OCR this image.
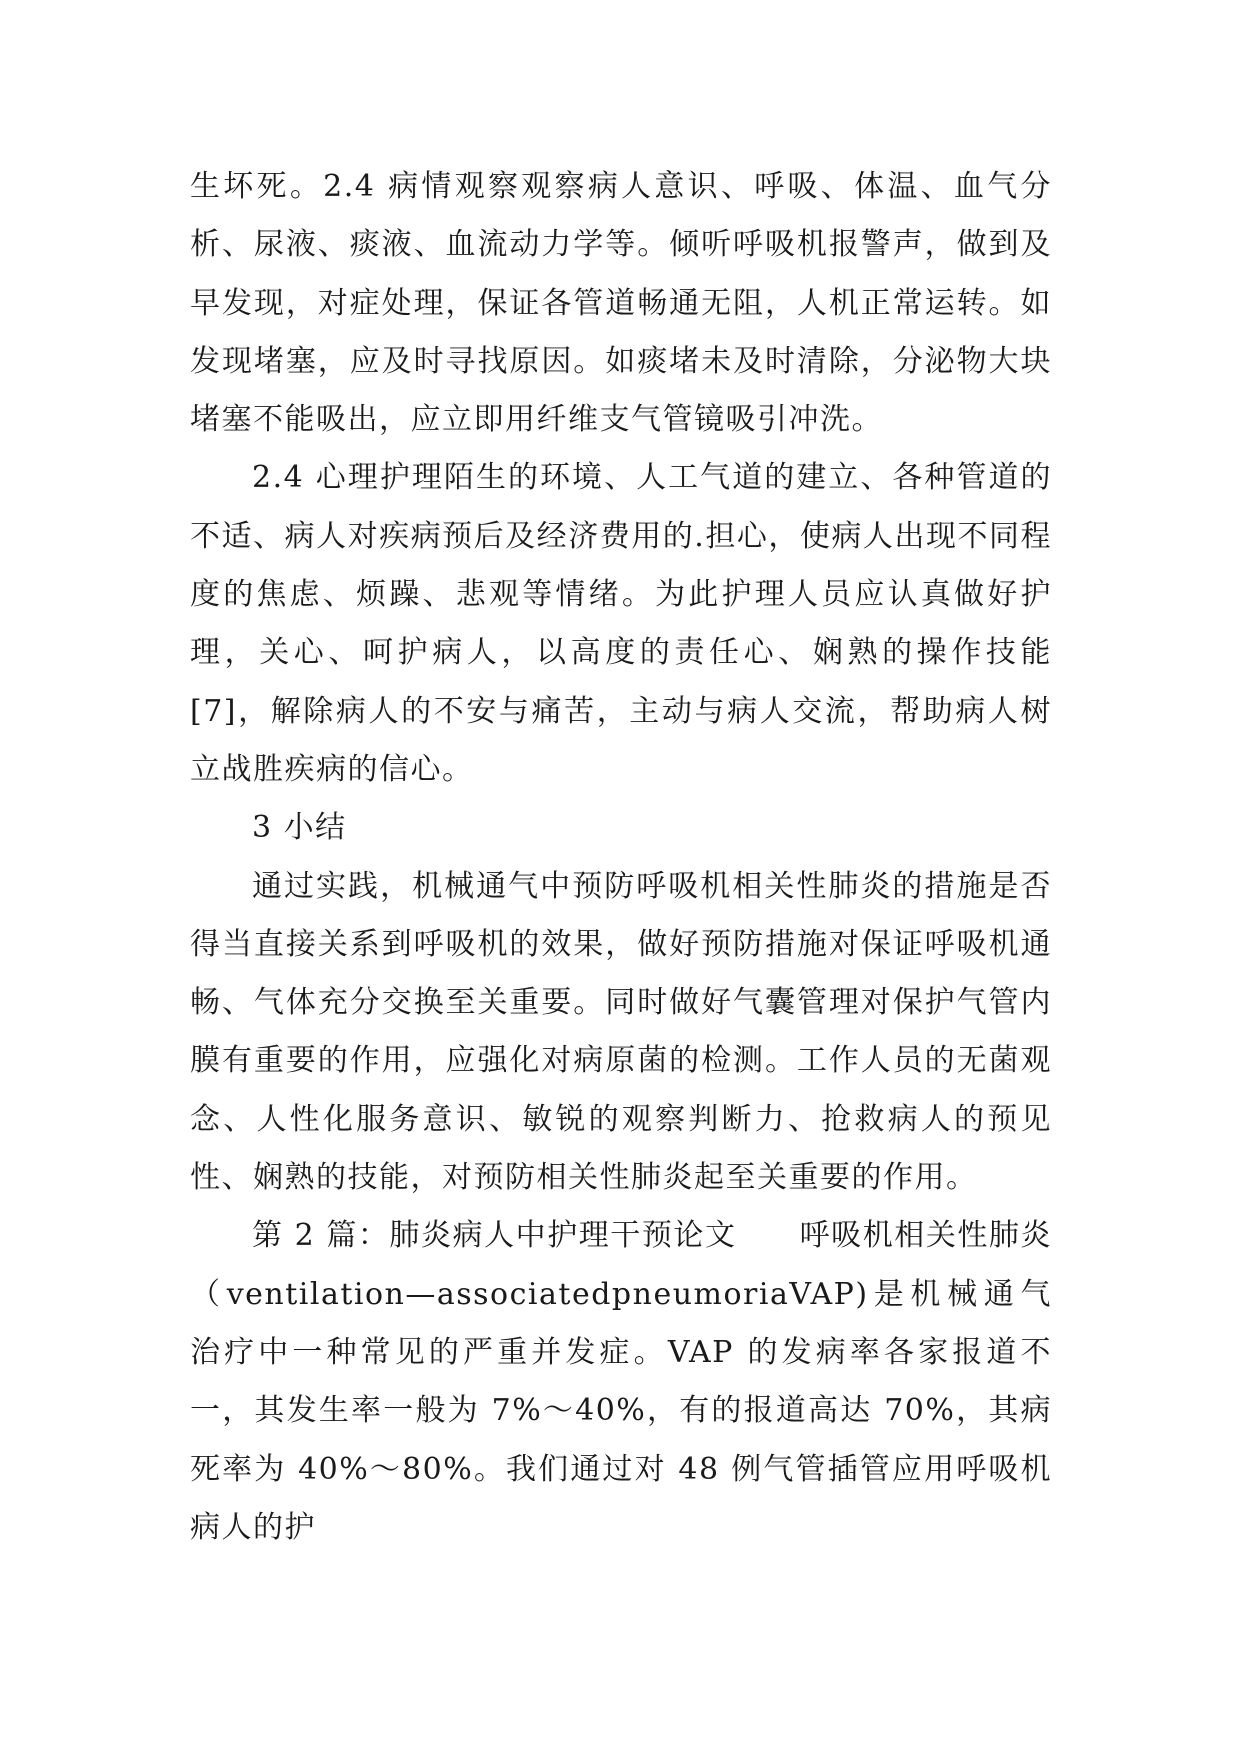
生坏死。2.4 病情观察观察病人意识、呼吸、体温、血气分析、尿液、痰液、血流动力学等。倾听呼吸机报警声，做到及早发现，对症处理，保证各管道畅通无阻，人机正常运转。如发现堵塞，应及时寻找原因。如痰堵未及时清除，分泌物大块堵塞不能吸出，应立即用纤维支气管镜吸引冲洗。

2.4 心理护理陌生的环境、人工气道的建立、各种管道的不适、病人对疾病预后及经济费用的.担心，使病人出现不同程度的焦虑、烦躁、悲观等情绪。为此护理人员应认真做好护理，关心、呵护病人，以高度的责任心、娴熟的操作技能[7]，解除病人的不安与痛苦，主动与病人交流，帮助病人树立战胜疾病的信心。

3 小结

通过实践，机械通气中预防呼吸机相关性肺炎的措施是否得当直接关系到呼吸机的效果，做好预防措施对保证呼吸机通畅、气体充分交换至关重要。同时做好气囊管理对保护气管内膜有重要的作用，应强化对病原菌的检测。工作人员的无菌观念、人性化服务意识、敏锐的观察判断力、抢救病人的预见性、娴熟的技能，对预防相关性肺炎起至关重要的作用。

第 2 篇：肺炎病人中护理干预论文　　呼吸机相关性肺炎（ventilation—associatedpneumoriaVAP)是机械通气治疗中一种常见的严重并发症。VAP 的发病率各家报道不一，其发生率一般为 7%～40%，有的报道高达 70%，其病死率为 40%～80%。我们通过对 48 例气管插管应用呼吸机病人的护
